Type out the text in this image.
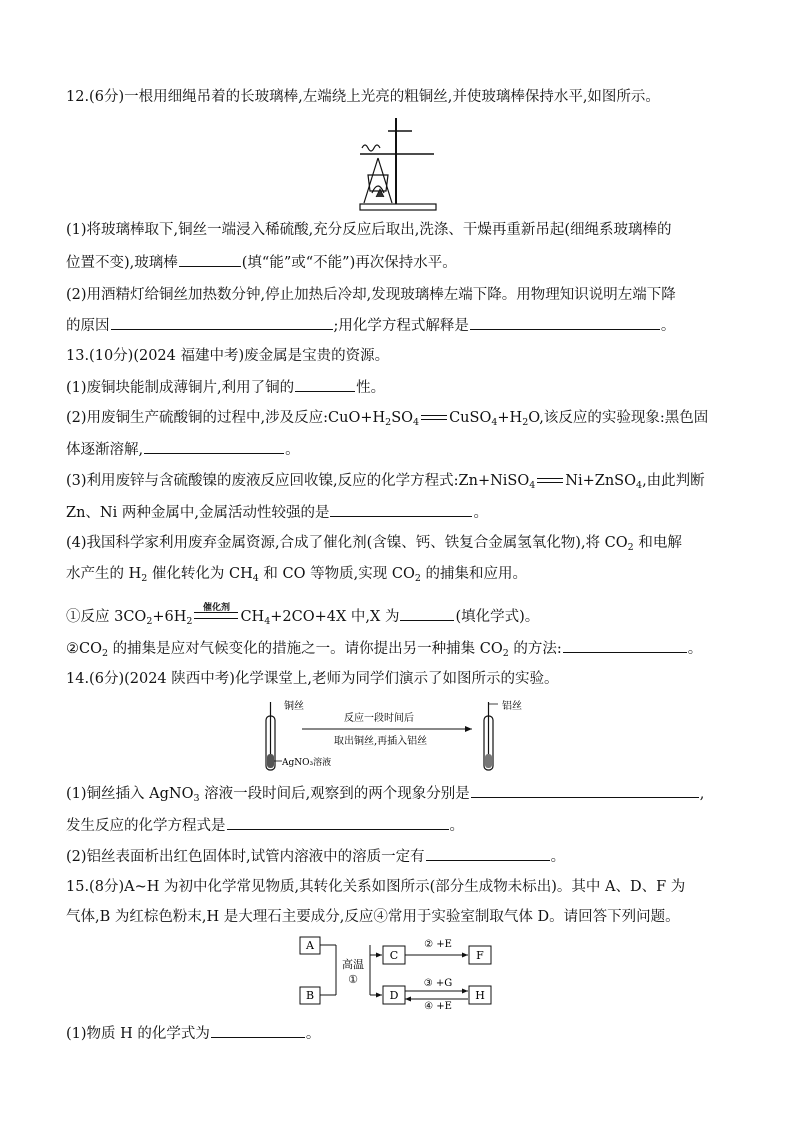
12.(6分)一根用细绳吊着的长玻璃棒,左端绕上光亮的粗铜丝,并使玻璃棒保持水平,如图所示。
(1)将玻璃棒取下,铜丝一端浸入稀硫酸,充分反应后取出,洗涤、干燥再重新吊起(细绳系玻璃棒的
位置不变),玻璃棒	(填“能”或“不能”)再次保持水平。
(2)用酒精灯给铜丝加热数分钟,停止加热后冷却,发现玻璃棒左端下降。用物理知识说明左端下降
的原因	;用化学方程式解释是	。
13.(10分)(2024 福建中考)废金属是宝贵的资源。
(1)废铜块能制成薄铜片,利用了铜的	性。
(2)用废铜生产硫酸铜的过程中,涉及反应$:CuO+H_2SO_4$ $CuSO_4+H_2O$,该反应的实验现象:黑色固
体逐渐溶解,	。
(3)利用废锌与含硫酸镍的废液反应回收镍,反应的化学方程式:Zn+NiSO$_4$ Ni+ZnSO$_4$,由此判断
Zn、Ni 两种金属中,金属活动性较强的是	。
(4)我国科学家利用废弃金属资源,合成了催化剂(含镍、钙、铁复合金属氢氧化物),将 $CO_2$ 和电解
水产生的 $H_2$ 催化转化为 $CH_4$ 和 CO 等物质,实现 $CO_2$ 的捕集和应用。
①反应 $3CO_2+6H_2$
催化剂
$CH_4+2CO+4X$ 中,X 为	(填化学式)。
$②CO_2$ 的捕集是应对气候变化的措施之一。请你提出另一种捕集 $CO_2$ 的方法:	。
14.(6分)(2024 陕西中考)化学课堂上,老师为同学们演示了如图所示的实验。
铜丝
AgNO₃溶液
反应一段时间后
取出铜丝,再插入铝丝
铝丝
(1)铜丝插入 AgNO$_3$ 溶液一段时间后,观察到的两个现象分别是	,
发生反应的化学方程式是	。
(2)铝丝表面析出红色固体时,试管内溶液中的溶质一定有	。
15.(8分)A~H 为初中化学常见物质,其转化关系如图所示(部分生成物未标出)。其中 A、D、F 为
气体,B 为红棕色粉末,H 是大理石主要成分,反应④常用于实验室制取气体 D。请回答下列问题。
A
B
高温
①
C
D
② +E
F
③ +G
④ +E
H
(1)物质 H 的化学式为	。
